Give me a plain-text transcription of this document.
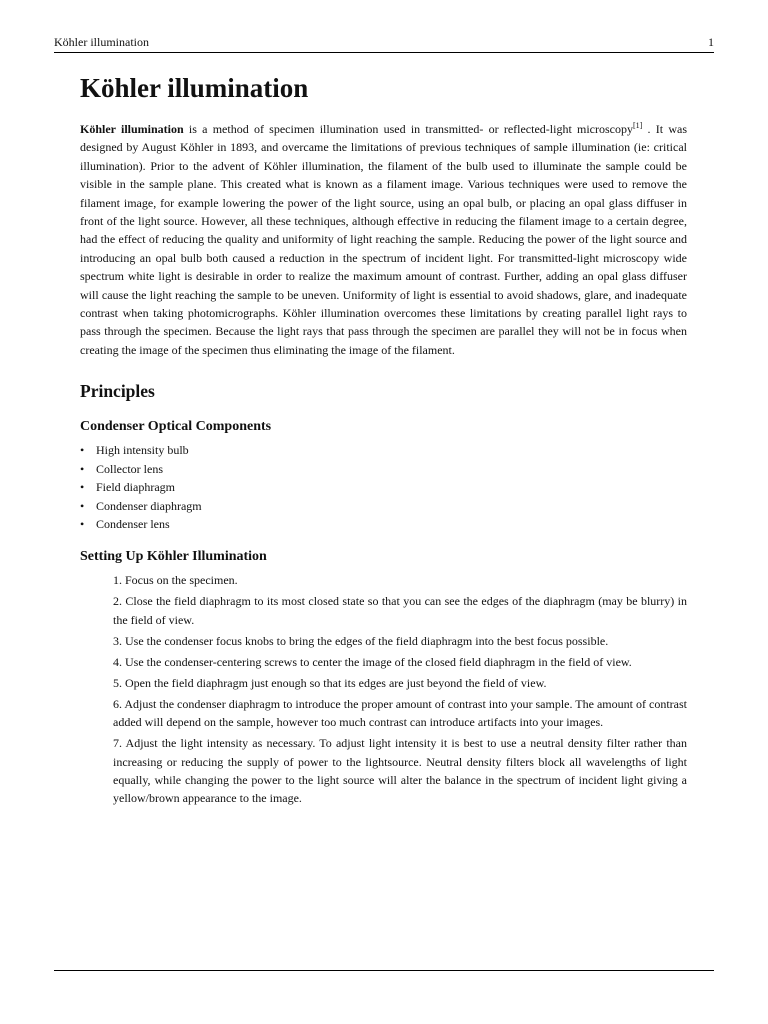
Köhler illumination	1
Köhler illumination

Köhler illumination is a method of specimen illumination used in transmitted- or reflected-light microscopy[1] . It was designed by August Köhler in 1893, and overcame the limitations of previous techniques of sample illumination (ie: critical illumination). Prior to the advent of Köhler illumination, the filament of the bulb used to illuminate the sample could be visible in the sample plane. This created what is known as a filament image. Various techniques were used to remove the filament image, for example lowering the power of the light source, using an opal bulb, or placing an opal glass diffuser in front of the light source. However, all these techniques, although effective in reducing the filament image to a certain degree, had the effect of reducing the quality and uniformity of light reaching the sample. Reducing the power of the light source and introducing an opal bulb both caused a reduction in the spectrum of incident light. For transmitted-light microscopy wide spectrum white light is desirable in order to realize the maximum amount of contrast. Further, adding an opal glass diffuser will cause the light reaching the sample to be uneven. Uniformity of light is essential to avoid shadows, glare, and inadequate contrast when taking photomicrographs. Köhler illumination overcomes these limitations by creating parallel light rays to pass through the specimen. Because the light rays that pass through the specimen are parallel they will not be in focus when creating the image of the specimen thus eliminating the image of the filament.

Principles
Condenser Optical Components
• High intensity bulb
• Collector lens
• Field diaphragm
• Condenser diaphragm
• Condenser lens
Setting Up Köhler Illumination
1. Focus on the specimen.
2. Close the field diaphragm to its most closed state so that you can see the edges of the diaphragm (may be blurry) in the field of view.
3. Use the condenser focus knobs to bring the edges of the field diaphragm into the best focus possible.
4. Use the condenser-centering screws to center the image of the closed field diaphragm in the field of view.
5. Open the field diaphragm just enough so that its edges are just beyond the field of view.
6. Adjust the condenser diaphragm to introduce the proper amount of contrast into your sample. The amount of contrast added will depend on the sample, however too much contrast can introduce artifacts into your images.
7. Adjust the light intensity as necessary. To adjust light intensity it is best to use a neutral density filter rather than increasing or reducing the supply of power to the lightsource. Neutral density filters block all wavelengths of light equally, while changing the power to the light source will alter the balance in the spectrum of incident light giving a yellow/brown appearance to the image.
